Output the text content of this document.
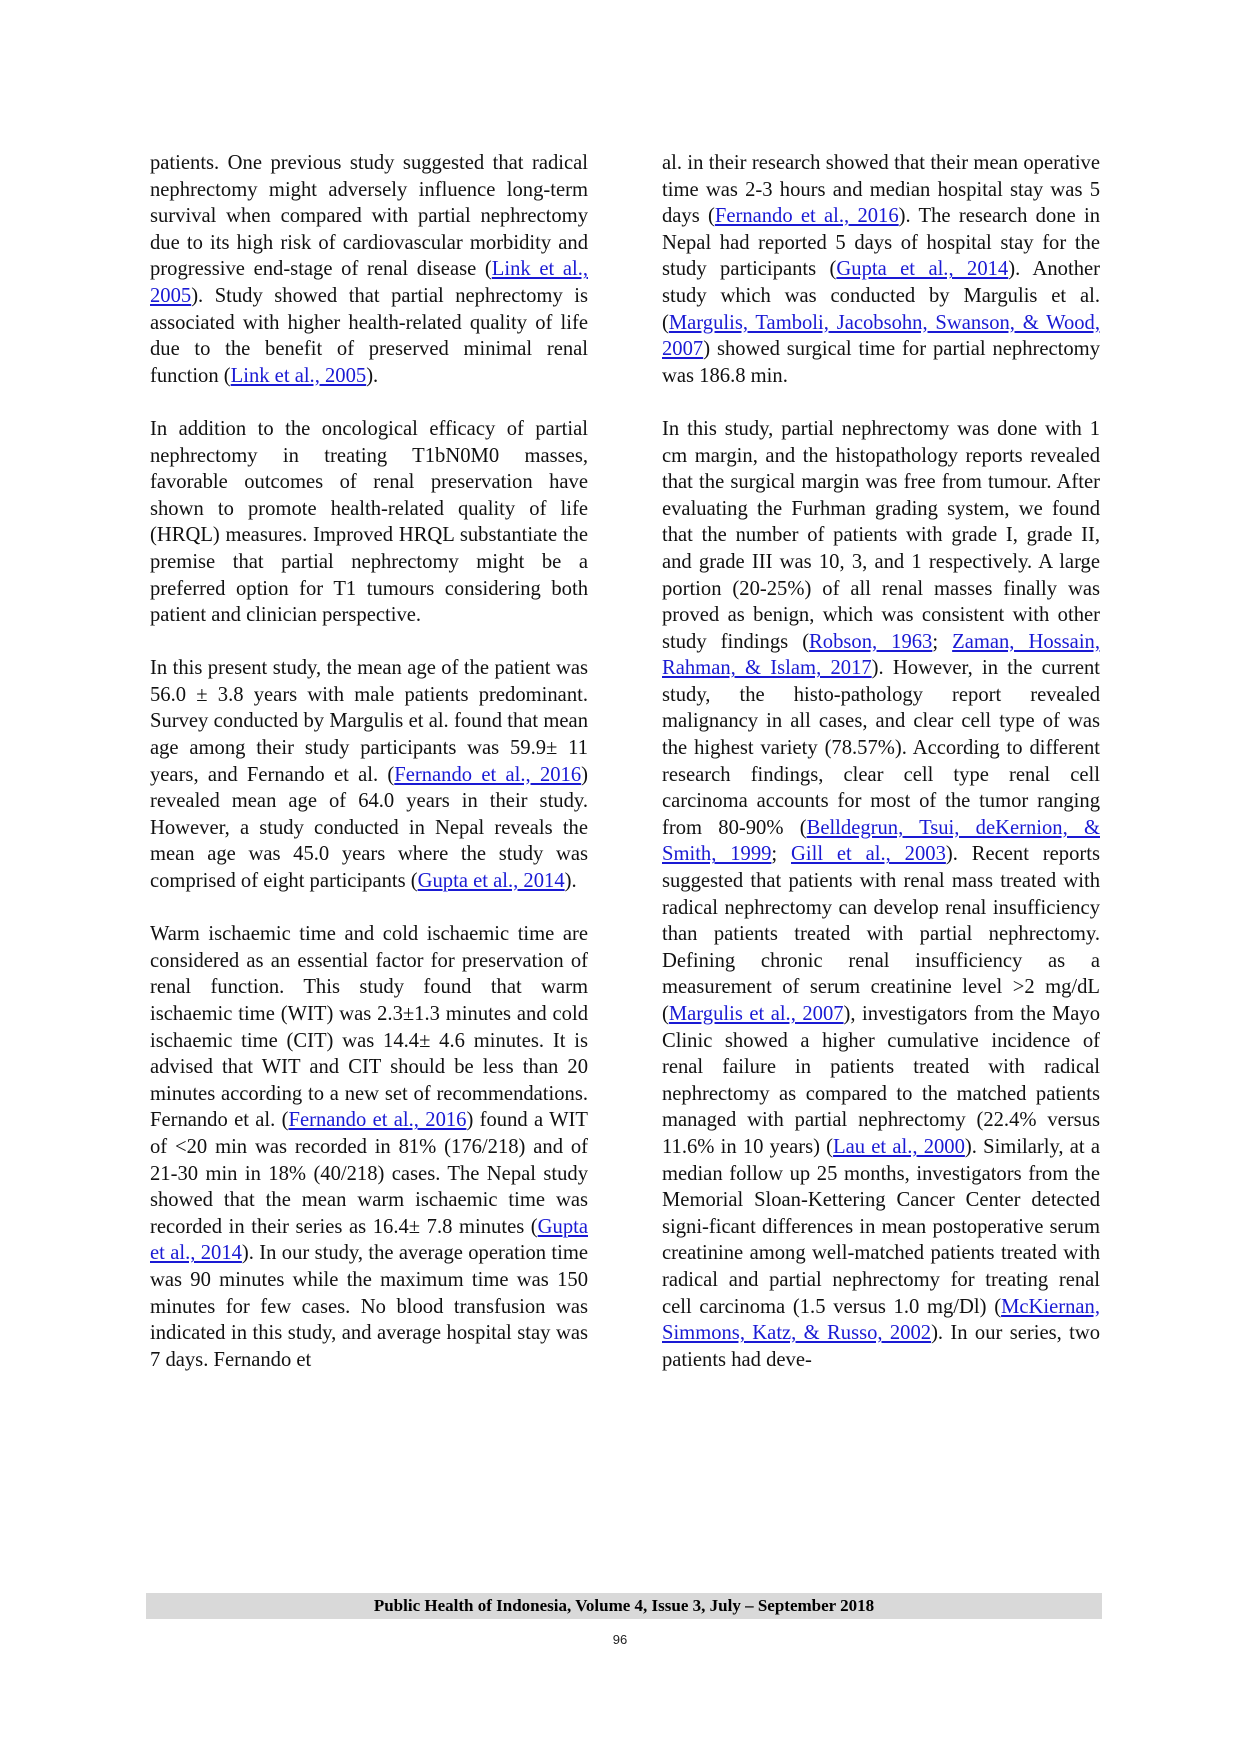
patients. One previous study suggested that radical nephrectomy might adversely influence long-term survival when compared with partial nephrectomy due to its high risk of cardiovascular morbidity and progressive end-stage of renal disease (Link et al., 2005). Study showed that partial nephrectomy is associated with higher health-related quality of life due to the benefit of preserved minimal renal function (Link et al., 2005).

In addition to the oncological efficacy of partial nephrectomy in treating T1bN0M0 masses, favorable outcomes of renal preservation have shown to promote health-related quality of life (HRQL) measures. Improved HRQL substantiate the premise that partial nephrectomy might be a preferred option for T1 tumours considering both patient and clinician perspective.

In this present study, the mean age of the patient was 56.0 ± 3.8 years with male patients predominant. Survey conducted by Margulis et al. found that mean age among their study participants was 59.9± 11 years, and Fernando et al. (Fernando et al., 2016) revealed mean age of 64.0 years in their study. However, a study conducted in Nepal reveals the mean age was 45.0 years where the study was comprised of eight participants (Gupta et al., 2014).

Warm ischaemic time and cold ischaemic time are considered as an essential factor for preservation of renal function. This study found that warm ischaemic time (WIT) was 2.3±1.3 minutes and cold ischaemic time (CIT) was 14.4± 4.6 minutes. It is advised that WIT and CIT should be less than 20 minutes according to a new set of recommendations. Fernando et al. (Fernando et al., 2016) found a WIT of <20 min was recorded in 81% (176/218) and of 21-30 min in 18% (40/218) cases. The Nepal study showed that the mean warm ischaemic time was recorded in their series as 16.4± 7.8 minutes (Gupta et al., 2014). In our study, the average operation time was 90 minutes while the maximum time was 150 minutes for few cases. No blood transfusion was indicated in this study, and average hospital stay was 7 days. Fernando et

al. in their research showed that their mean operative time was 2-3 hours and median hospital stay was 5 days (Fernando et al., 2016). The research done in Nepal had reported 5 days of hospital stay for the study participants (Gupta et al., 2014). Another study which was conducted by Margulis et al. (Margulis, Tamboli, Jacobsohn, Swanson, & Wood, 2007) showed surgical time for partial nephrectomy was 186.8 min.

In this study, partial nephrectomy was done with 1 cm margin, and the histopathology reports revealed that the surgical margin was free from tumour. After evaluating the Furhman grading system, we found that the number of patients with grade I, grade II, and grade III was 10, 3, and 1 respectively. A large portion (20-25%) of all renal masses finally was proved as benign, which was consistent with other study findings (Robson, 1963; Zaman, Hossain, Rahman, & Islam, 2017). However, in the current study, the histo-pathology report revealed malignancy in all cases, and clear cell type of was the highest variety (78.57%). According to different research findings, clear cell type renal cell carcinoma accounts for most of the tumor ranging from 80-90% (Belldegrun, Tsui, deKernion, & Smith, 1999; Gill et al., 2003). Recent reports suggested that patients with renal mass treated with radical nephrectomy can develop renal insufficiency than patients treated with partial nephrectomy. Defining chronic renal insufficiency as a measurement of serum creatinine level >2 mg/dL (Margulis et al., 2007), investigators from the Mayo Clinic showed a higher cumulative incidence of renal failure in patients treated with radical nephrectomy as compared to the matched patients managed with partial nephrectomy (22.4% versus 11.6% in 10 years) (Lau et al., 2000). Similarly, at a median follow up 25 months, investigators from the Memorial Sloan-Kettering Cancer Center detected signi-ficant differences in mean postoperative serum creatinine among well-matched patients treated with radical and partial nephrectomy for treating renal cell carcinoma (1.5 versus 1.0 mg/Dl) (McKiernan, Simmons, Katz, & Russo, 2002). In our series, two patients had deve-

Public Health of Indonesia, Volume 4, Issue 3, July – September 2018
96
